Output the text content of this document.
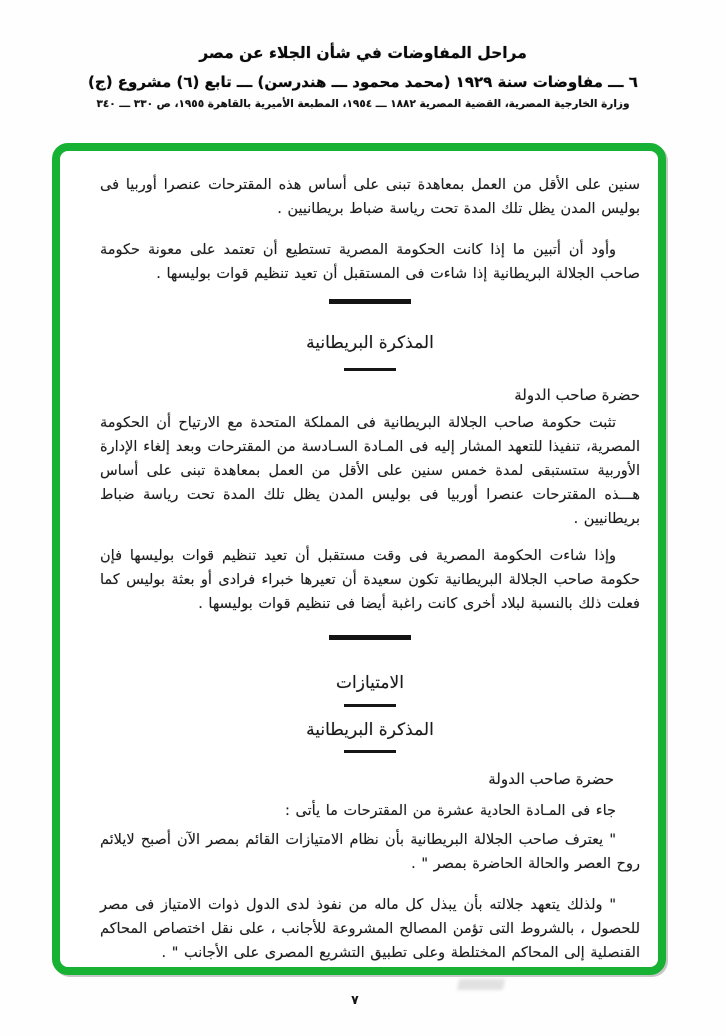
مراحل المفاوضات في شأن الجلاء عن مصر
٦ ـــ مفاوضات سنة ١٩٢٩ (محمد محمود ـــ هندرسن) ـــ تابع (٦) مشروع (ج)
وزارة الخارجية المصرية، القضية المصرية ١٨٨٢ ـــ ١٩٥٤، المطبعة الأميرية بالقاهرة ١٩٥٥، ص ٣٣٠ ـــ ٣٤٠

سنين على الأقل من العمل بمعاهدة تبنى على أساس هذه المقترحات عنصرا أوربيا فى بوليس المدن يظل تلك المدة تحت رياسة ضباط بريطانيين .

وأود أن أتبين ما إذا كانت الحكومة المصرية تستطيع أن تعتمد على معونة حكومة صاحب الجلالة البريطانية إذا شاءت فى المستقبل أن تعيد تنظيم قوات بوليسها .

المذكرة البريطانية
حضرة صاحب الدولة

تثبت حكومة صاحب الجلالة البريطانية فى المملكة المتحدة مع الارتياح أن الحكومة المصرية، تنفيذا للتعهد المشار إليه فى المـادة السـادسة من المقترحات وبعد إلغاء الإدارة الأوربية ستستبقى لمدة خمس سنين على الأقل من العمل بمعاهدة تبنى على أساس هـــذه المقترحات عنصرا أوربيا فى بوليس المدن يظل تلك المدة تحت رياسة ضباط بريطانيين .

وإذا شاءت الحكومة المصرية فى وقت مستقبل أن تعيد تنظيم قوات بوليسها فإن حكومة صاحب الجلالة البريطانية تكون سعيدة أن تعيرها خبراء فرادى أو بعثة بوليس كما فعلت ذلك بالنسبة لبلاد أخرى كانت راغبة أيضا فى تنظيم قوات بوليسها .

الامتيازات
المذكرة البريطانية
حضرة صاحب الدولة

جاء فى المـادة الحادية عشرة من المقترحات ما يأتى :

" يعترف صاحب الجلالة البريطانية بأن نظام الامتيازات القائم بمصر الآن أصبح لايلائم روح العصر والحالة الحاضرة بمصر " .

" ولذلك يتعهد جلالته بأن يبذل كل ماله من نفوذ لدى الدول ذوات الامتياز فى مصر للحصول ، بالشروط التى تؤمن المصالح المشروعة للأجانب ، على نقل اختصاص المحاكم القنصلية إلى المحاكم المختلطة وعلى تطبيق التشريع المصرى على الأجانب " .

٧
